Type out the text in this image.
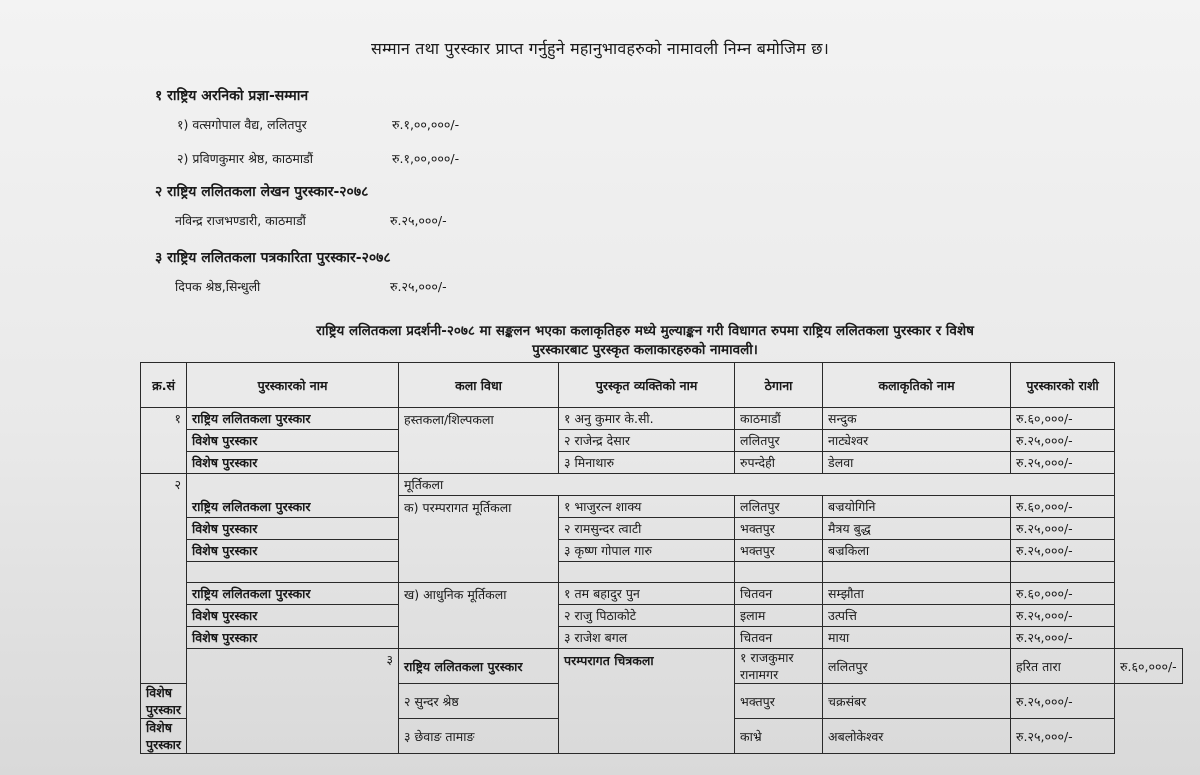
सम्मान तथा पुरस्कार प्राप्त गर्नुहुने महानुभावहरुको नामावली निम्न बमोजिम छ।
१ राष्ट्रिय अरनिको प्रज्ञा-सम्मान
१) वत्सगोपाल वैद्य, ललितपुर	रु.१,००,०००/-
२) प्रविणकुमार श्रेष्ठ, काठमाडौं	रु.१,००,०००/-
२ राष्ट्रिय ललितकला लेखन पुरस्कार-२०७८
नविन्द्र राजभण्डारी, काठमाडौं	रु.२५,०००/-
३ राष्ट्रिय ललितकला पत्रकारिता पुरस्कार-२०७८
दिपक श्रेष्ठ,सिन्धुली	रु.२५,०००/-
राष्ट्रिय ललितकला प्रदर्शनी-२०७८ मा सङ्कलन भएका कलाकृतिहरु मध्ये मुल्याङ्कन गरी विधागत रुपमा राष्ट्रिय ललितकला पुरस्कार र विशेष
पुरस्कारबाट पुरस्कृत कलाकारहरुको नामावली।
क्र.सं	पुरस्कारको नाम	कला विधा	पुरस्कृत व्यक्तिको नाम	ठेगाना	कलाकृतिको नाम	पुरस्कारको राशी	
१	राष्ट्रिय ललितकला पुरस्कार	हस्तकला/शिल्पकला	१ अनु कुमार के.सी.	काठमाडौं	सन्दुक	रु.६०,०००/-	
	विशेष पुरस्कार		२ राजेन्द्र देसार	ललितपुर	नाट्येश्वर	रु.२५,०००/-	
	विशेष पुरस्कार		३ मिनाथारु	रुपन्देही	डेलवा	रु.२५,०००/-	
२		मूर्तिकला					
	राष्ट्रिय ललितकला पुरस्कार	क) परम्परागत मूर्तिकला	१ भाजुरत्न शाक्य	ललितपुर	बज्रयोगिनि	रु.६०,०००/-	
	विशेष पुरस्कार		२ रामसुन्दर त्वाटी	भक्तपुर	मैत्रय बुद्ध	रु.२५,०००/-	
	विशेष पुरस्कार		३ कृष्ण गोपाल गारु	भक्तपुर	बज्रकिला	रु.२५,०००/-	

	राष्ट्रिय ललितकला पुरस्कार	ख) आधुनिक मूर्तिकला	१ तम बहादुर पुन	चितवन	सम्झौता	रु.६०,०००/-	
	विशेष पुरस्कार		२ राजु पिठाकोटे	इलाम	उत्पत्ति	रु.२५,०००/-	
	विशेष पुरस्कार		३ राजेश बगल	चितवन	माया	रु.२५,०००/-	
	३	राष्ट्रिय ललितकला पुरस्कार	परम्परागत चित्रकला	१ राजकुमार रानामगर	ललितपुर	हरित तारा	रु.६०,०००/-
विशेष पुरस्कार		२ सुन्दर श्रेष्ठ		भक्तपुर	चक्रसंबर	रु.२५,०००/-	
विशेष पुरस्कार		३ छेवाङ तामाङ		काभ्रे	अबलोकेश्वर	रु.२५,०००/-	
